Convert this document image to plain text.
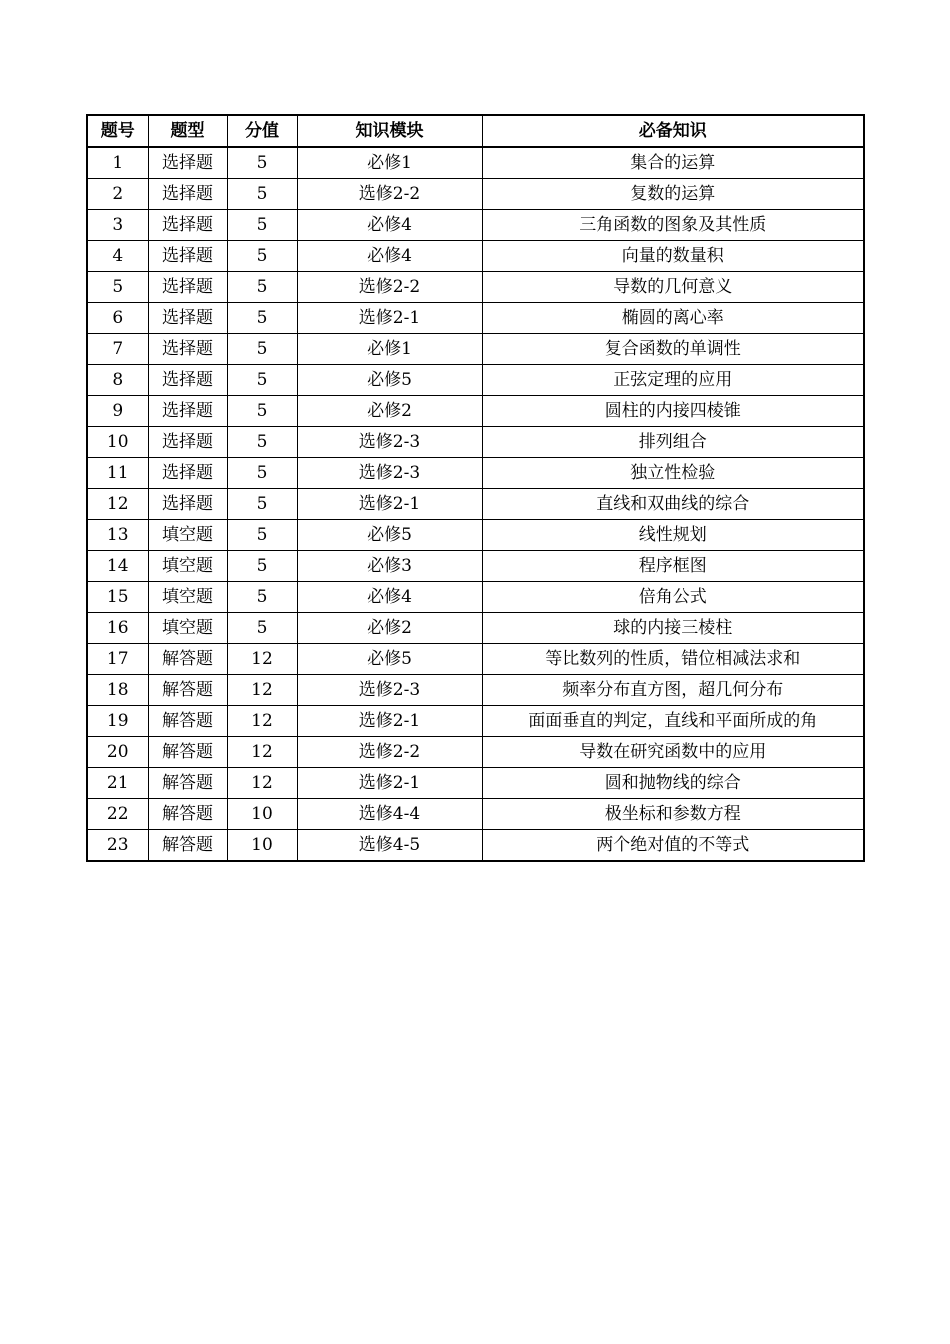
题号	题型	分值	知识模块	必备知识
1	选择题	5	必修1	集合的运算
2	选择题	5	选修2-2	复数的运算
3	选择题	5	必修4	三角函数的图象及其性质
4	选择题	5	必修4	向量的数量积
5	选择题	5	选修2-2	导数的几何意义
6	选择题	5	选修2-1	椭圆的离心率
7	选择题	5	必修1	复合函数的单调性
8	选择题	5	必修5	正弦定理的应用
9	选择题	5	必修2	圆柱的内接四棱锥
10	选择题	5	选修2-3	排列组合
11	选择题	5	选修2-3	独立性检验
12	选择题	5	选修2-1	直线和双曲线的综合
13	填空题	5	必修5	线性规划
14	填空题	5	必修3	程序框图
15	填空题	5	必修4	倍角公式
16	填空题	5	必修2	球的内接三棱柱
17	解答题	12	必修5	等比数列的性质，错位相减法求和
18	解答题	12	选修2-3	频率分布直方图，超几何分布
19	解答题	12	选修2-1	面面垂直的判定，直线和平面所成的角
20	解答题	12	选修2-2	导数在研究函数中的应用
21	解答题	12	选修2-1	圆和抛物线的综合
22	解答题	10	选修4-4	极坐标和参数方程
23	解答题	10	选修4-5	两个绝对值的不等式
